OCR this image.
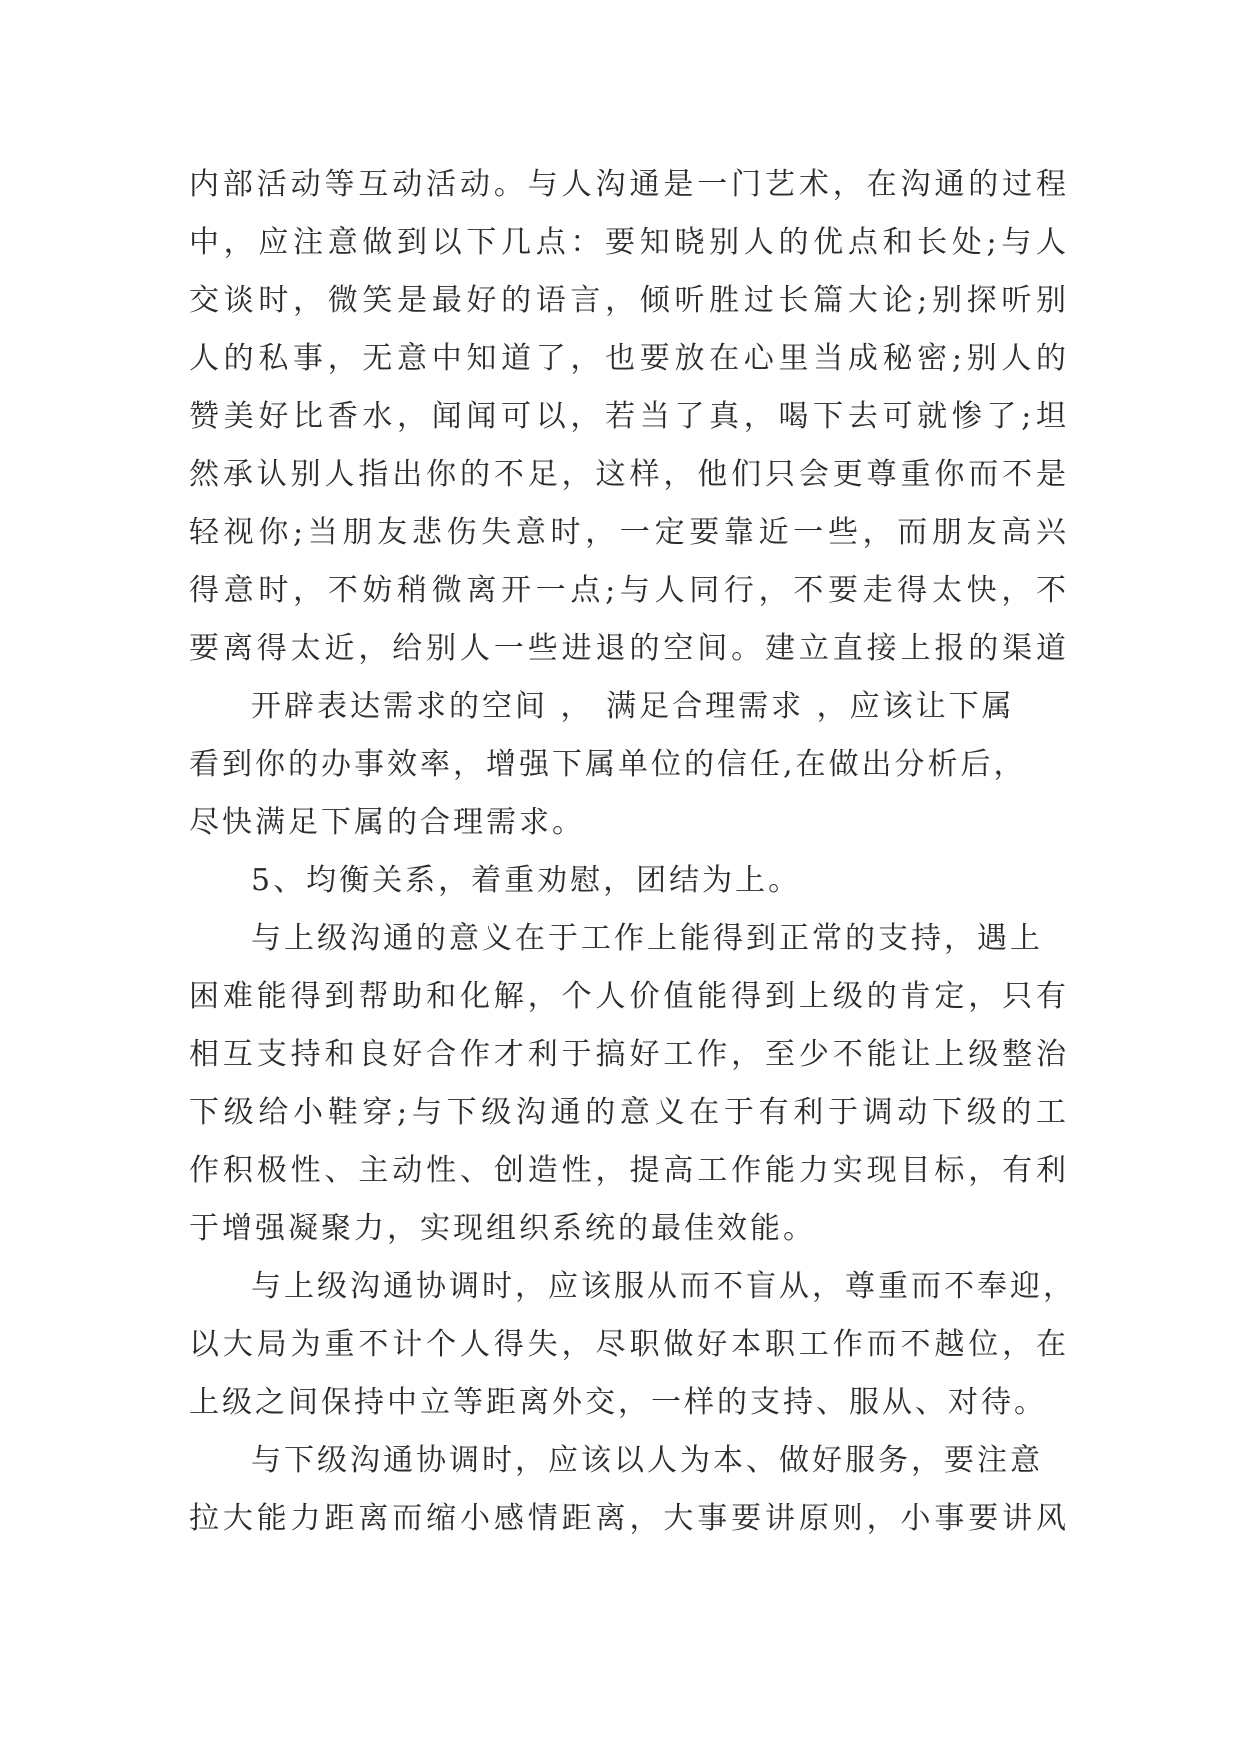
内部活动等互动活动。与人沟通是一门艺术，在沟通的过程
中，应注意做到以下几点：要知晓别人的优点和长处;与人
交谈时，微笑是最好的语言，倾听胜过长篇大论;别探听别
人的私事，无意中知道了，也要放在心里当成秘密;别人的
赞美好比香水，闻闻可以，若当了真，喝下去可就惨了;坦
然承认别人指出你的不足，这样，他们只会更尊重你而不是
轻视你;当朋友悲伤失意时，一定要靠近一些，而朋友高兴
得意时，不妨稍微离开一点;与人同行，不要走得太快，不
要离得太近，给别人一些进退的空间。建立直接上报的渠道
开辟表达需求的空间 ， 满足合理需求 ，应该让下属
看到你的办事效率，增强下属单位的信任,在做出分析后，
尽快满足下属的合理需求。
5、均衡关系，着重劝慰，团结为上。
与上级沟通的意义在于工作上能得到正常的支持，遇上
困难能得到帮助和化解，个人价值能得到上级的肯定，只有
相互支持和良好合作才利于搞好工作，至少不能让上级整治
下级给小鞋穿;与下级沟通的意义在于有利于调动下级的工
作积极性、主动性、创造性，提高工作能力实现目标，有利
于增强凝聚力，实现组织系统的最佳效能。
与上级沟通协调时，应该服从而不盲从，尊重而不奉迎，
以大局为重不计个人得失，尽职做好本职工作而不越位，在
上级之间保持中立等距离外交，一样的支持、服从、对待。
与下级沟通协调时，应该以人为本、做好服务，要注意
拉大能力距离而缩小感情距离，大事要讲原则，小事要讲风
